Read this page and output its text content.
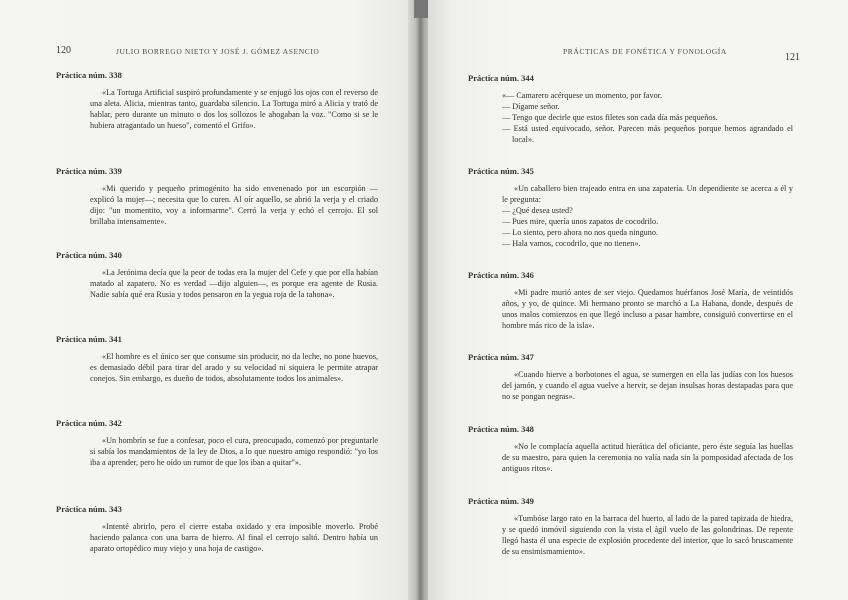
120	JULIO BORREGO NIETO Y JOSÉ J. GÓMEZ ASENCIO
Práctica núm. 338

«La Tortuga Artificial suspiró profundamente y se enjugó los ojos con el reverso de una aleta. Alicia, mientras tanto, guardaba silencio. La Tortuga miró a Alicia y trató de hablar, pero durante un minuto o dos los sollozos le ahogaban la voz. "Como si se le hubiera atragantado un hueso", comentó el Grifo».

Práctica núm. 339

«Mi querido y pequeño primogénito ha sido envenenado por un escorpión —explicó la mujer—; necesita que lo curen. Al oír aquello, se abrió la verja y el criado dijo: "un momentito, voy a informarme". Cerró la verja y echó el cerrojo. El sol brillaba intensamente».

Práctica núm. 340

«La Jerónima decía que la peor de todas era la mujer del Cefe y que por ella habían matado al zapatero. No es verdad —dijo alguien—, es porque era agente de Rusia. Nadie sabía qué era Rusia y todos pensaron en la yegua roja de la tahona».

Práctica núm. 341

«El hombre es el único ser que consume sin producir, no da leche, no pone huevos, es demasiado débil para tirar del arado y su velocidad ni siquiera le permite atrapar conejos. Sin embargo, es dueño de todos, absolutamente todos los animales».

Práctica núm. 342

«Un hombrín se fue a confesar, poco el cura, preocupado, comenzó por preguntarle si sabía los mandamientos de la ley de Dios, a lo que nuestro amigo respondió: "yo los iba a aprender, pero he oído un rumor de que los iban a quitar"».

Práctica núm. 343

«Intenté abrirlo, pero el cierre estaba oxidado y era imposible moverlo. Probé haciendo palanca con una barra de hierro. Al final el cerrojo saltó. Dentro había un aparato ortopédico muy viejo y una hoja de castigo».

PRÁCTICAS DE FONÉTICA Y FONOLOGÍA
121
Práctica núm. 344
«— Camarero acérquese un momento, por favor.
— Dígame señor.
— Tengo que decirle que estos filetes son cada día más pequeños.
— Está usted equivocado, señor. Parecen más pequeños porque hemos agrandado el local».
Práctica núm. 345

«Un caballero bien trajeado entra en una zapatería. Un dependiente se acerca a él y le pregunta:

— ¿Qué desea usted?
— Pues mire, quería unos zapatos de cocodrilo.
— Lo siento, pero ahora no nos queda ninguno.
— Hala vamos, cocodrilo, que no tienen».
Práctica núm. 346

«Mi padre murió antes de ser viejo. Quedamos huérfanos José María, de veintidós años, y yo, de quince. Mi hermano pronto se marchó a La Habana, donde, después de unos malos comienzos en que llegó incluso a pasar hambre, consiguió convertirse en el hombre más rico de la isla».

Práctica núm. 347

«Cuando hierve a borbotones el agua, se sumergen en ella las judías con los huesos del jamón, y cuando el agua vuelve a hervir, se dejan insulsas horas destapadas para que no se pongan negras».

Práctica núm. 348

«No le complacía aquella actitud hierática del oficiante, pero éste seguía las huellas de su maestro, para quien la ceremonia no valía nada sin la pomposidad afectada de los antiguos ritos».

Práctica núm. 349

«Tumbóse largo rato en la barraca del huerto, al lado de la pared tapizada de hiedra, y se quedó inmóvil siguiendo con la vista el ágil vuelo de las golondrinas. De repente llegó hasta él una especie de explosión procedente del interior, que lo sacó bruscamente de su ensimismamiento».
